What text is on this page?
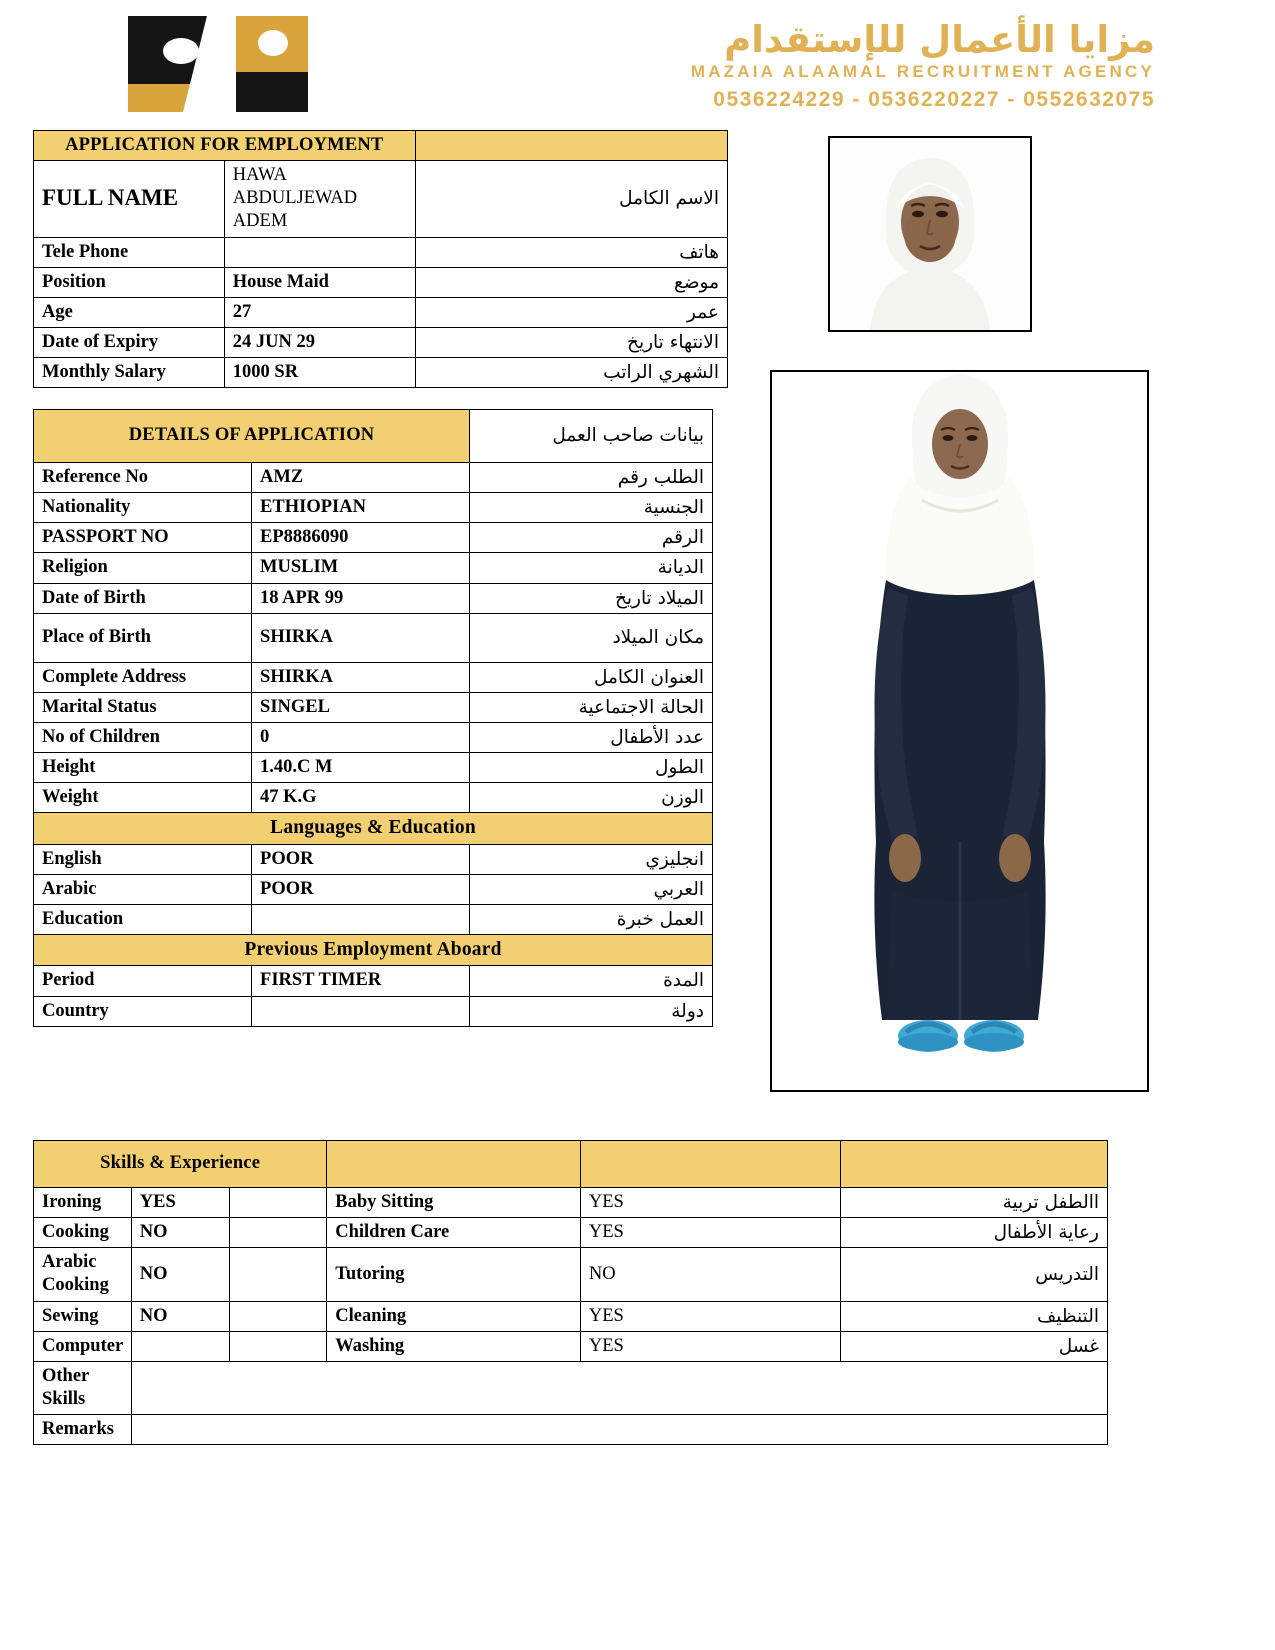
مزايا الأعمال للإستقدام
MAZAIA ALAAMAL RECRUITMENT AGENCY
0536224229 - 0536220227 - 0552632075
APPLICATION FOR EMPLOYMENT		
FULL NAME	HAWA ABDULJEWAD ADEM	الاسم الكامل
Tele Phone		هاتف
Position	House Maid	موضع
Age	27	عمر
Date of Expiry	24 JUN 29	الانتهاء تاريخ
Monthly Salary	1000 SR	الشهري الراتب
DETAILS OF APPLICATION		بيانات صاحب العمل
Reference No	AMZ	الطلب رقم
Nationality	ETHIOPIAN	الجنسية
PASSPORT NO	EP8886090	الرقم
Religion	MUSLIM	الديانة
Date of Birth	18 APR 99	الميلاد تاريخ
Place of Birth	SHIRKA	مكان الميلاد
Complete Address	SHIRKA	العنوان الكامل
Marital Status	SINGEL	الحالة الاجتماعية
No of Children	0	عدد الأطفال
Height	1.40.C M	الطول
Weight	47 K.G	الوزن
Languages & Education		
English	POOR	انجليزي
Arabic	POOR	العربي
Education		العمل خبرة
Previous Employment Aboard		
Period	FIRST TIMER	المدة
Country		دولة
Skills & Experience					
Ironing	YES		Baby Sitting	YES	االطفل تربية
Cooking	NO		Children Care	YES	رعاية الأطفال
Arabic Cooking	NO		Tutoring	NO	التدريس
Sewing	NO		Cleaning	YES	التنظيف
Computer			Washing	YES	غسل
Other Skills					
Remarks					
